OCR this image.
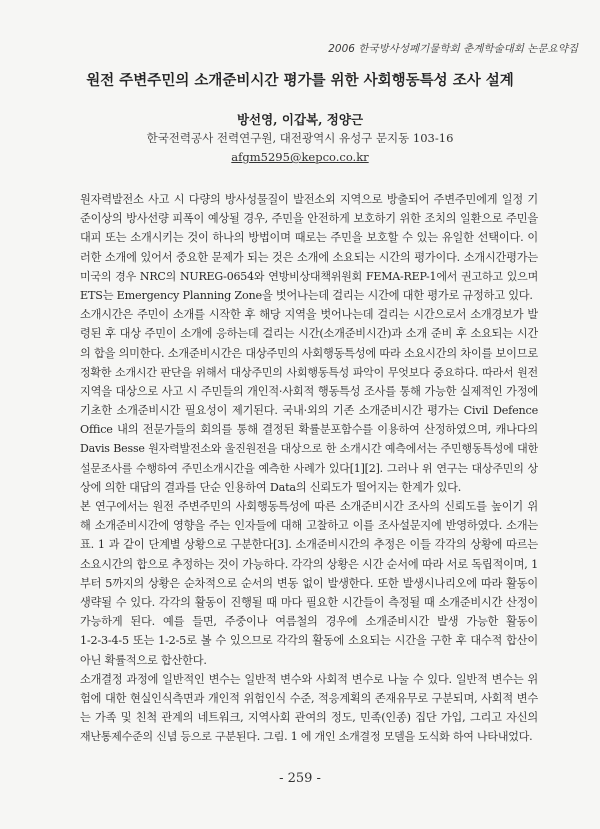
2006 한국방사성폐기물학회 춘계학술대회 논문요약집
원전 주변주민의 소개준비시간 평가를 위한 사회행동특성 조사 설계
방선영, 이갑복, 정양근
한국전력공사 전력연구원, 대전광역시 유성구 문지동 103-16
afgm5295@kepco.co.kr
원자력발전소 사고 시 다량의 방사성물질이 발전소외 지역으로 방출되어 주변주민에게 일정 기
준이상의 방사선량 피폭이 예상될 경우, 주민을 안전하게 보호하기 위한 조치의 일환으로 주민을
대피 또는 소개시키는 것이 하나의 방법이며 때로는 주민을 보호할 수 있는 유일한 선택이다. 이
러한 소개에 있어서 중요한 문제가 되는 것은 소개에 소요되는 시간의 평가이다. 소개시간평가는
미국의 경우 NRC의 NUREG-0654와 연방비상대책위원회 FEMA-REP-1에서 권고하고 있으며
ETS는 Emergency Planning Zone을 벗어나는데 걸리는 시간에 대한 평가로 규정하고 있다.
소개시간은 주민이 소개를 시작한 후 해당 지역을 벗어나는데 걸리는 시간으로서 소개경보가 발
령된 후 대상 주민이 소개에 응하는데 걸리는 시간(소개준비시간)과 소개 준비 후 소요되는 시간
의 합을 의미한다. 소개준비시간은 대상주민의 사회행동특성에 따라 소요시간의 차이를 보이므로
정확한 소개시간 판단을 위해서 대상주민의 사회행동특성 파악이 무엇보다 중요하다. 따라서 원전
지역을 대상으로 사고 시 주민들의 개인적·사회적 행동특성 조사를 통해 가능한 실제적인 가정에
기초한 소개준비시간 필요성이 제기된다. 국내·외의 기존 소개준비시간 평가는 Civil Defence
Office 내의 전문가들의 회의를 통해 결정된 확률분포함수를 이용하여 산정하였으며, 캐나다의
Davis Besse 원자력발전소와 울진원전을 대상으로 한 소개시간 예측에서는 주민행동특성에 대한
설문조사를 수행하여 주민소개시간을 예측한 사례가 있다[1][2]. 그러나 위 연구는 대상주민의 상
상에 의한 대답의 결과를 단순 인용하여 Data의 신뢰도가 떨어지는 한계가 있다.
본 연구에서는 원전 주변주민의 사회행동특성에 따른 소개준비시간 조사의 신뢰도를 높이기 위
해 소개준비시간에 영향을 주는 인자들에 대해 고찰하고 이를 조사설문지에 반영하였다. 소개는
표. 1 과 같이 단계별 상황으로 구분한다[3]. 소개준비시간의 추정은 이들 각각의 상황에 따르는
소요시간의 합으로 추정하는 것이 가능하다. 각각의 상황은 시간 순서에 따라 서로 독립적이며, 1
부터 5까지의 상황은 순차적으로 순서의 변동 없이 발생한다. 또한 발생시나리오에 따라 활동이
생략될 수 있다. 각각의 활동이 진행될 때 마다 필요한 시간들이 측정될 때 소개준비시간 산정이
가능하게 된다. 예를 들면, 주중이나 여름철의 경우에 소개준비시간 발생 가능한 활동이
1-2-3-4-5 또는 1-2-5로 볼 수 있으므로 각각의 활동에 소요되는 시간을 구한 후 대수적 합산이
아닌 확률적으로 합산한다.
소개결정 과정에 일반적인 변수는 일반적 변수와 사회적 변수로 나눌 수 있다. 일반적 변수는 위
험에 대한 현실인식측면과 개인적 위험인식 수준, 적응계획의 존재유무로 구분되며, 사회적 변수
는 가족 및 친척 관계의 네트워크, 지역사회 관여의 정도, 민족(인종) 집단 가입, 그리고 자신의
재난통제수준의 신념 등으로 구분된다. 그림. 1 에 개인 소개결정 모델을 도식화 하여 나타내었다.
- 259 -
